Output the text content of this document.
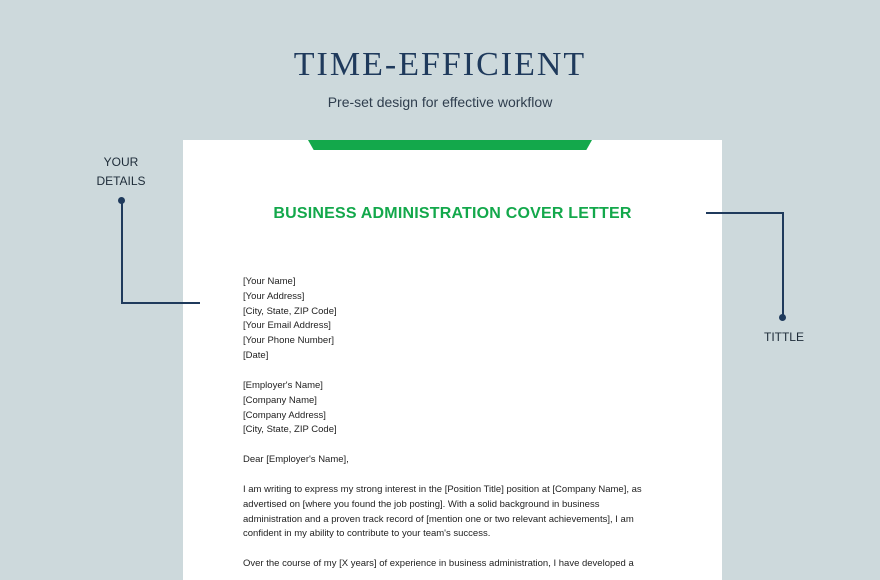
TIME-EFFICIENT
Pre-set design for effective workflow
BUSINESS ADMINISTRATION COVER LETTER
[Your Name]
[Your Address]
[City, State, ZIP Code]
[Your Email Address]
[Your Phone Number]
[Date]
[Employer's Name]
[Company Name]
[Company Address]
[City, State, ZIP Code]
Dear [Employer's Name],
I am writing to express my strong interest in the [Position Title] position at [Company Name], as
advertised on [where you found the job posting]. With a solid background in business
administration and a proven track record of [mention one or two relevant achievements], I am
confident in my ability to contribute to your team's success.
Over the course of my [X years] of experience in business administration, I have developed a
YOUR
DETAILS
TITTLE
